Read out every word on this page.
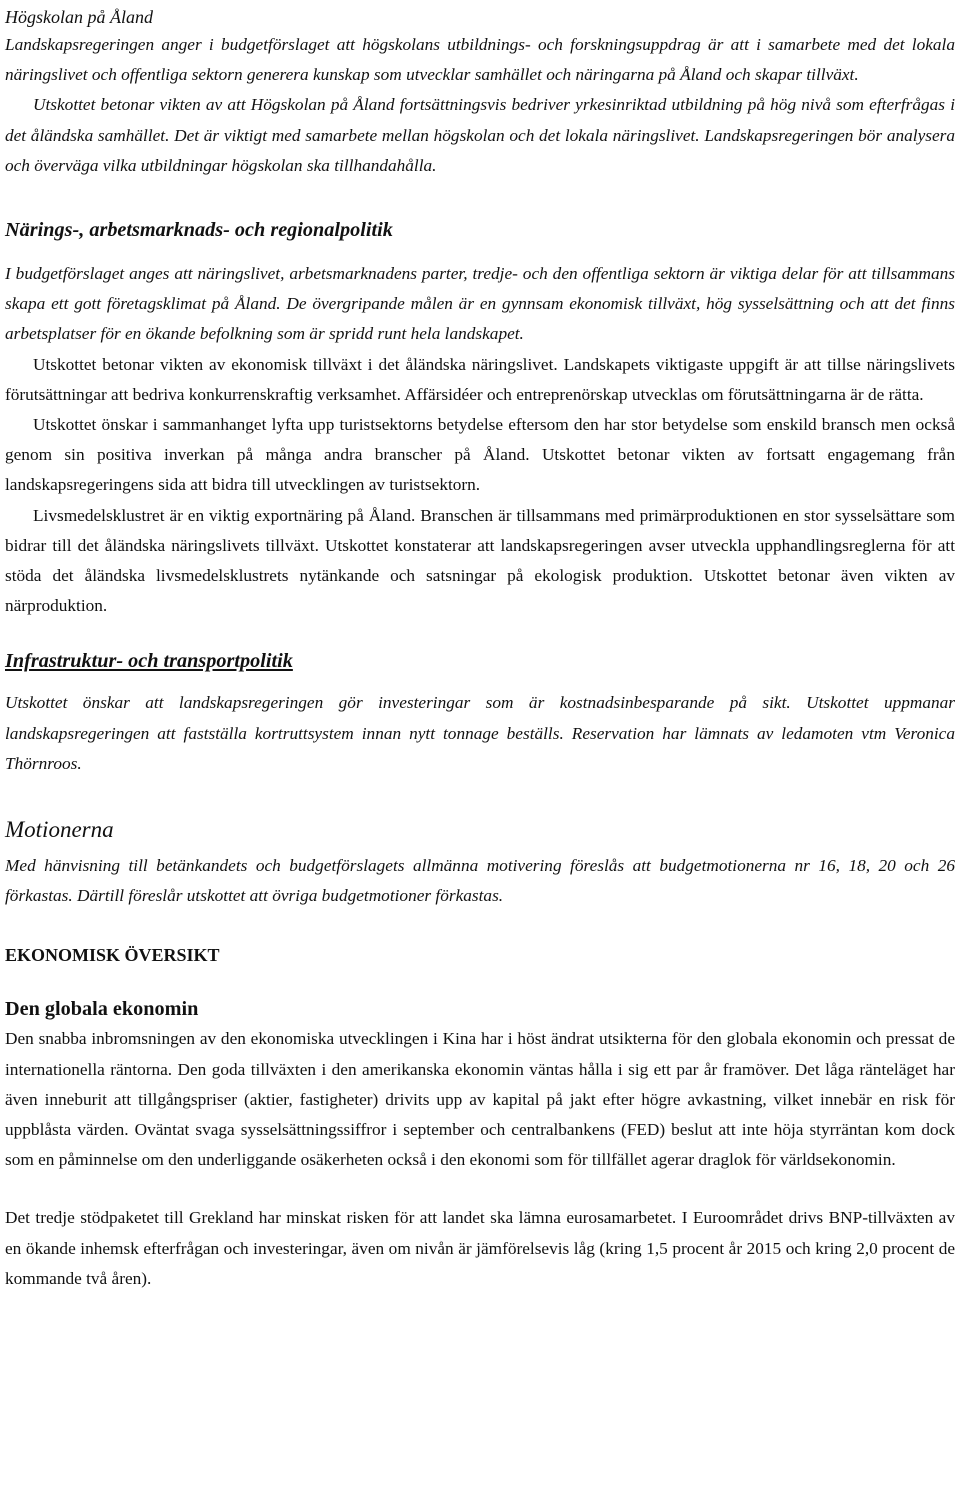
Högskolan på Åland

Landskapsregeringen anger i budgetförslaget att högskolans utbildnings- och forskningsuppdrag är att i samarbete med det lokala näringslivet och offentliga sektorn generera kunskap som utvecklar samhället och näringarna på Åland och skapar tillväxt.

Utskottet betonar vikten av att Högskolan på Åland fortsättningsvis bedriver yrkesinriktad utbildning på hög nivå som efterfrågas i det åländska samhället. Det är viktigt med samarbete mellan högskolan och det lokala näringslivet. Landskapsregeringen bör analysera och överväga vilka utbildningar högskolan ska tillhandahålla.

Närings-, arbetsmarknads- och regionalpolitik

I budgetförslaget anges att näringslivet, arbetsmarknadens parter, tredje- och den offentliga sektorn är viktiga delar för att tillsammans skapa ett gott företagsklimat på Åland. De övergripande målen är en gynnsam ekonomisk tillväxt, hög sysselsättning och att det finns arbetsplatser för en ökande befolkning som är spridd runt hela landskapet.

Utskottet betonar vikten av ekonomisk tillväxt i det åländska näringslivet. Landskapets viktigaste uppgift är att tillse näringslivets förutsättningar att bedriva konkurrenskraftig verksamhet. Affärsidéer och entreprenörskap utvecklas om förutsättningarna är de rätta.

Utskottet önskar i sammanhanget lyfta upp turistsektorns betydelse eftersom den har stor betydelse som enskild bransch men också genom sin positiva inverkan på många andra branscher på Åland. Utskottet betonar vikten av fortsatt engagemang från landskapsregeringens sida att bidra till utvecklingen av turistsektorn.

Livsmedelsklustret är en viktig exportnäring på Åland. Branschen är tillsammans med primärproduktionen en stor sysselsättare som bidrar till det åländska näringslivets tillväxt. Utskottet konstaterar att landskapsregeringen avser utveckla upphandlingsreglerna för att stöda det åländska livsmedelsklustrets nytänkande och satsningar på ekologisk produktion. Utskottet betonar även vikten av närproduktion.

Infrastruktur- och transportpolitik

Utskottet önskar att landskapsregeringen gör investeringar som är kostnadsinbesparande på sikt. Utskottet uppmanar landskapsregeringen att fastställa kortruttsystem innan nytt tonnage beställs. Reservation har lämnats av ledamoten vtm Veronica Thörnroos.

Motionerna

Med hänvisning till betänkandets och budgetförslagets allmänna motivering föreslås att budgetmotionerna nr 16, 18, 20 och 26 förkastas. Därtill föreslår utskottet att övriga budgetmotioner förkastas.

EKONOMISK ÖVERSIKT
Den globala ekonomin

Den snabba inbromsningen av den ekonomiska utvecklingen i Kina har i höst ändrat utsikterna för den globala ekonomin och pressat de internationella räntorna. Den goda tillväxten i den amerikanska ekonomin väntas hålla i sig ett par år framöver. Det låga ränteläget har även inneburit att tillgångspriser (aktier, fastigheter) drivits upp av kapital på jakt efter högre avkastning, vilket innebär en risk för uppblåsta värden. Oväntat svaga sysselsättningssiffror i september och centralbankens (FED) beslut att inte höja styrräntan kom dock som en påminnelse om den underliggande osäkerheten också i den ekonomi som för tillfället agerar draglok för världsekonomin.

Det tredje stödpaketet till Grekland har minskat risken för att landet ska lämna eurosamarbetet. I Euroområdet drivs BNP-tillväxten av en ökande inhemsk efterfrågan och investeringar, även om nivån är jämförelsevis låg (kring 1,5 procent år 2015 och kring 2,0 procent de kommande två åren).
